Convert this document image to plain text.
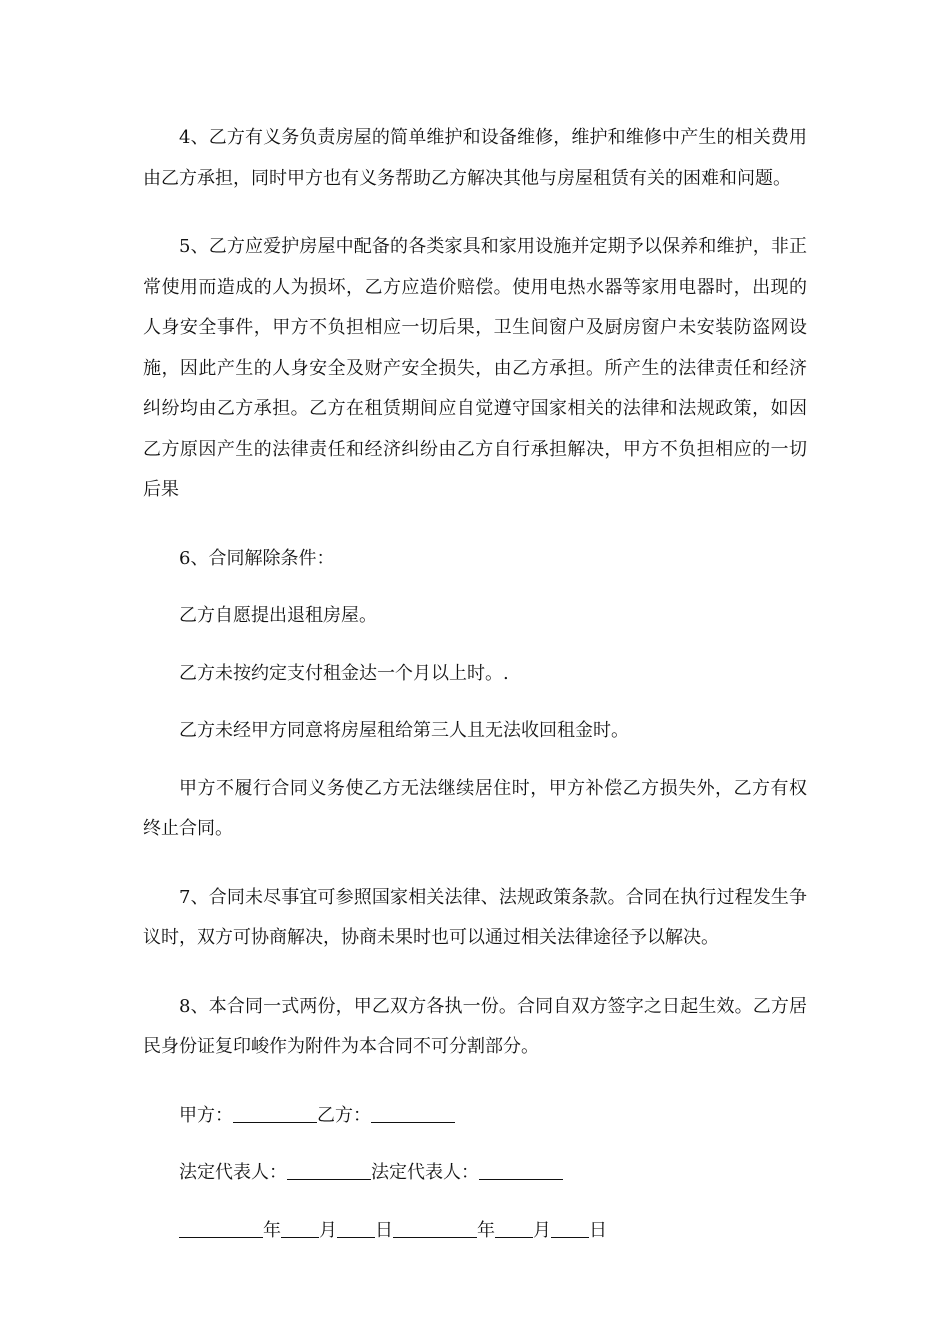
4、乙方有义务负责房屋的简单维护和设备维修，维护和维修中产生的相关费用由乙方承担，同时甲方也有义务帮助乙方解决其他与房屋租赁有关的困难和问题。

5、乙方应爱护房屋中配备的各类家具和家用设施并定期予以保养和维护，非正常使用而造成的人为损坏，乙方应造价赔偿。使用电热水器等家用电器时，出现的人身安全事件，甲方不负担相应一切后果，卫生间窗户及厨房窗户未安装防盗网设施，因此产生的人身安全及财产安全损失，由乙方承担。所产生的法律责任和经济纠纷均由乙方承担。乙方在租赁期间应自觉遵守国家相关的法律和法规政策，如因乙方原因产生的法律责任和经济纠纷由乙方自行承担解决，甲方不负担相应的一切后果

6、合同解除条件：

乙方自愿提出退租房屋。

乙方未按约定支付租金达一个月以上时。.

乙方未经甲方同意将房屋租给第三人且无法收回租金时。

甲方不履行合同义务使乙方无法继续居住时，甲方补偿乙方损失外，乙方有权终止合同。

7、合同未尽事宜可参照国家相关法律、法规政策条款。合同在执行过程发生争议时，双方可协商解决，协商未果时也可以通过相关法律途径予以解决。

8、本合同一式两份，甲乙双方各执一份。合同自双方签字之日起生效。乙方居民身份证复印峻作为附件为本合同不可分割部分。

甲方：	乙方：
法定代表人：	法定代表人：
年 月 日	年 月 日
